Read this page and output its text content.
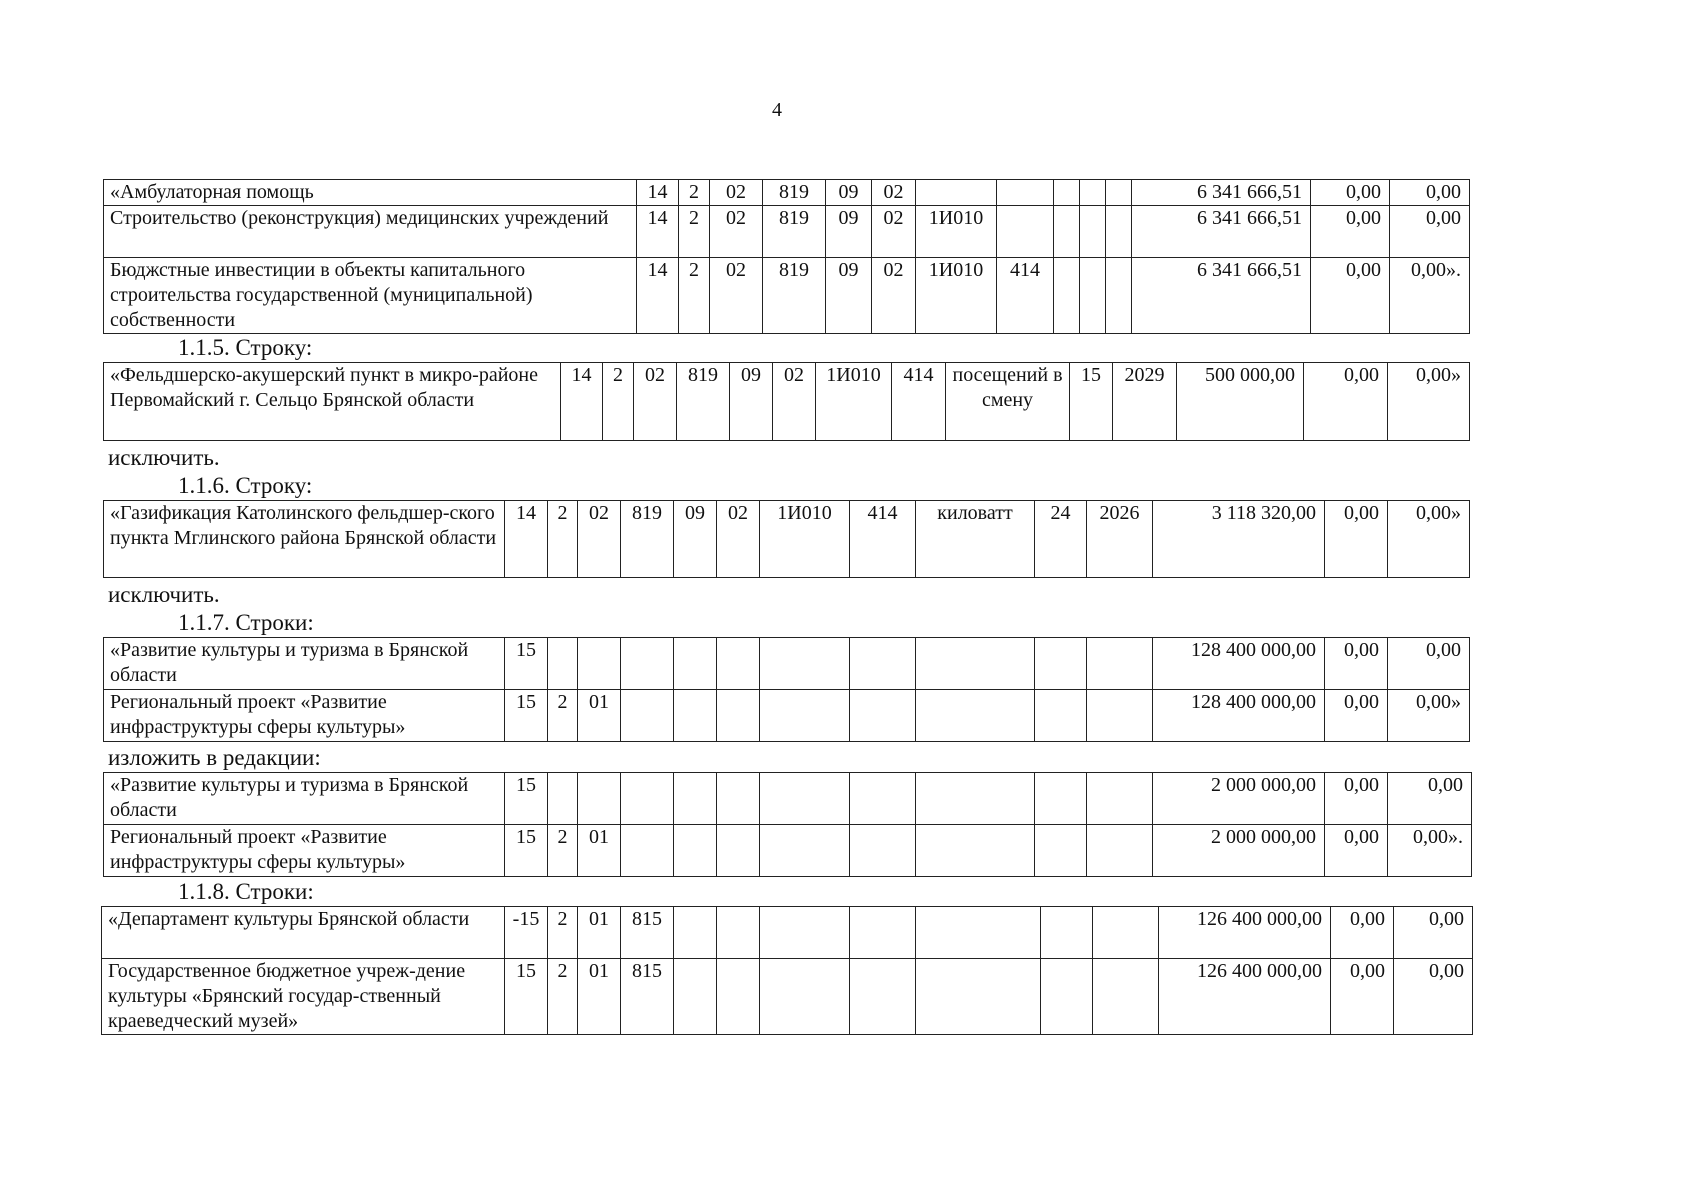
4
«Амбулаторная помощь	14	2	02	819	09	02						6 341 666,51	0,00	0,00
Строительство (реконструкция) медицинских учреждений	14	2	02	819	09	02	1И010					6 341 666,51	0,00	0,00
Бюджстные инвестиции в объекты капитального строительства государственной (муниципальной) собственности	14	2	02	819	09	02	1И010	414				6 341 666,51	0,00	0,00».
1.1.5. Строку:
«Фельдшерско-акушерский пункт в микро-районе Первомайский г. Сельцо Брянской области	14	2	02	819	09	02	1И010	414	посещений в смену	15	2029	500 000,00	0,00	0,00»
исключить.
1.1.6. Строку:
«Газификация Католинского фельдшер-ского пункта Мглинского района Брянской области	14	2	02	819	09	02	1И010	414	киловатт	24	2026	3 118 320,00	0,00	0,00»
исключить.
1.1.7. Строки:
«Развитие культуры и туризма в Брянской области	15											128 400 000,00	0,00	0,00
Региональный проект «Развитие инфраструктуры сферы культуры»	15	2	01									128 400 000,00	0,00	0,00»
изложить в редакции:
«Развитие культуры и туризма в Брянской области	15											2 000 000,00	0,00	0,00
Региональный проект «Развитие инфраструктуры сферы культуры»	15	2	01									2 000 000,00	0,00	0,00».
1.1.8. Строки:
«Департамент культуры Брянской области	-15	2	01	815								126 400 000,00	0,00	0,00
Государственное бюджетное учреж-дение культуры «Брянский государ-ственный краеведческий музей»	15	2	01	815								126 400 000,00	0,00	0,00
